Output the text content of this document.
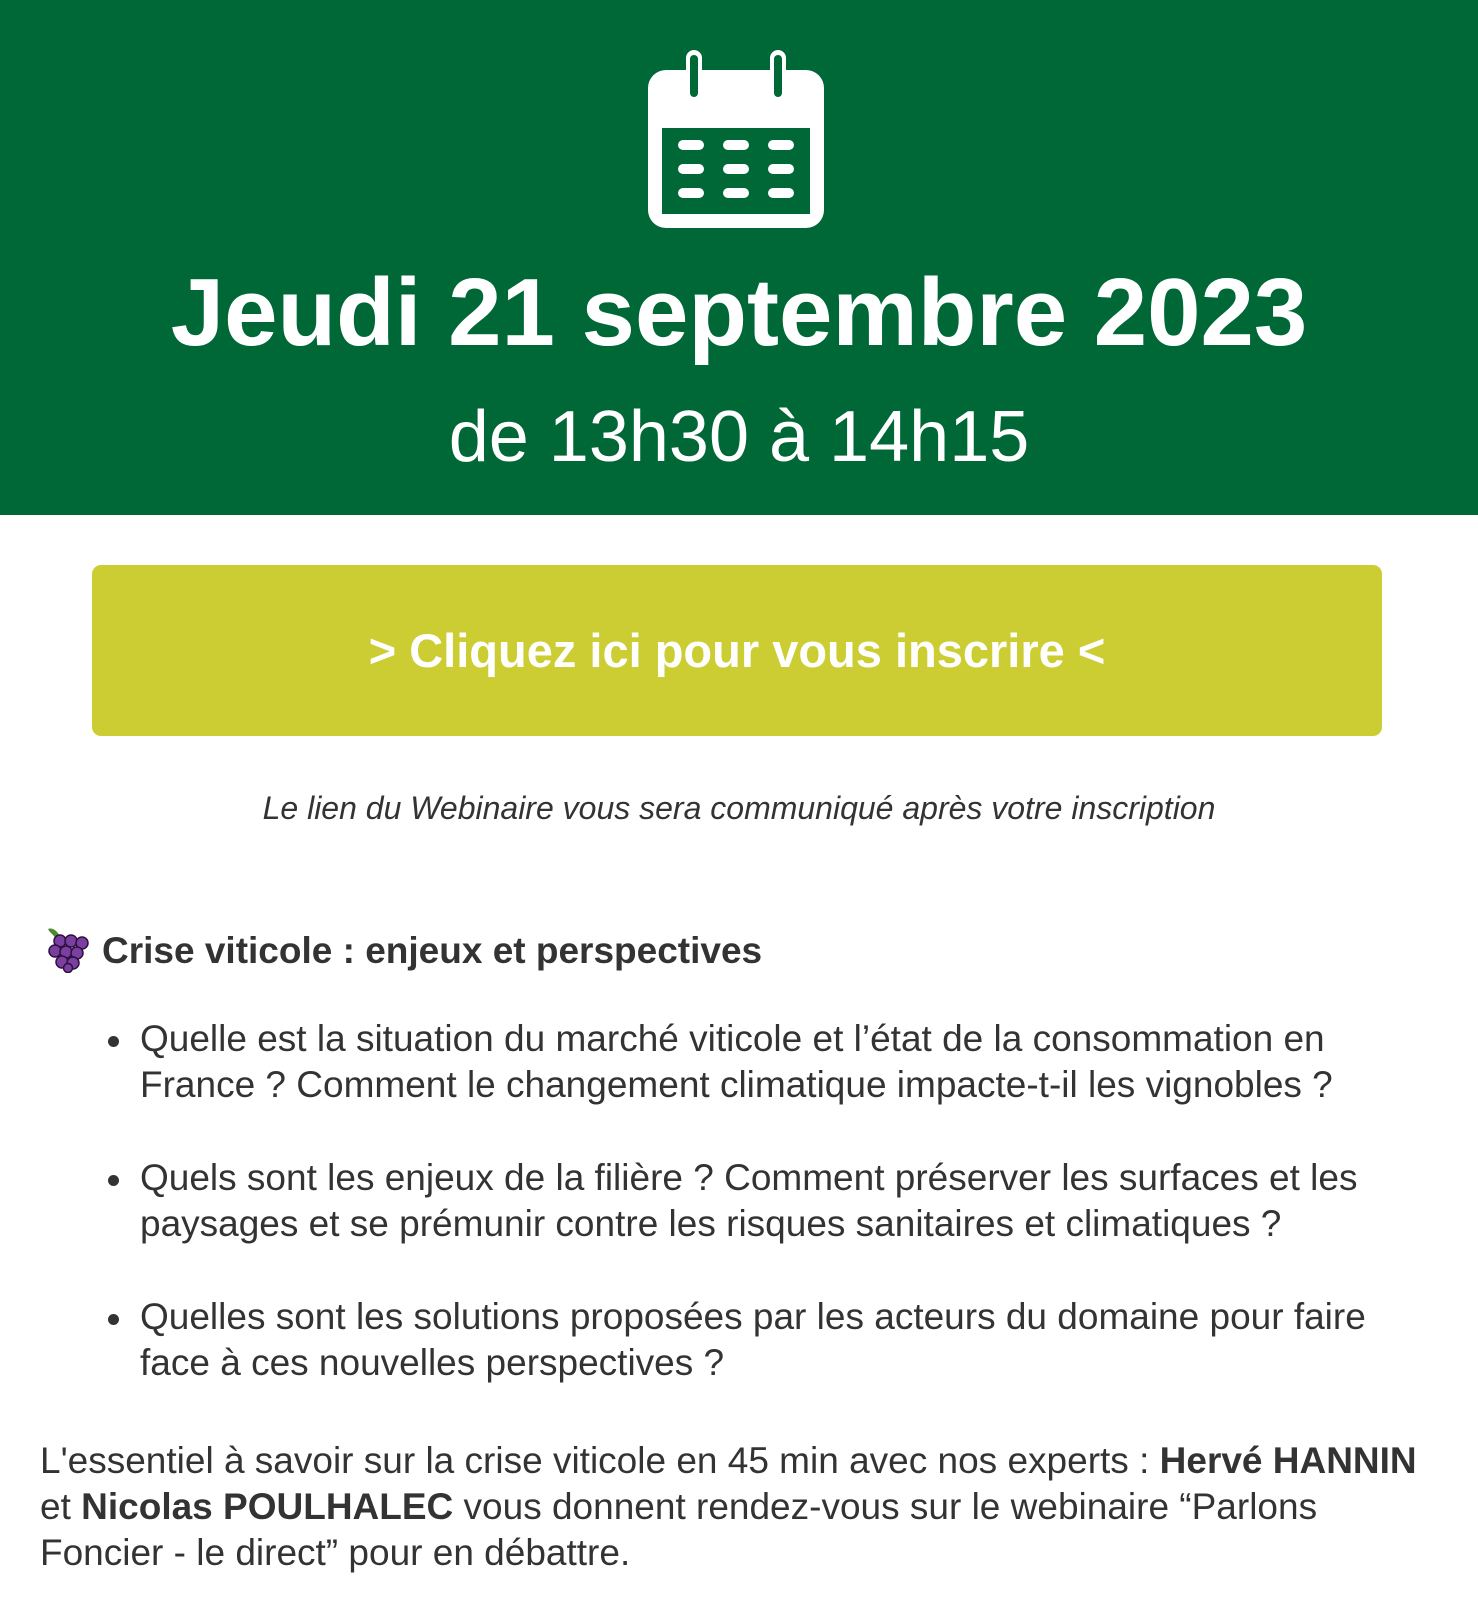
Jeudi 21 septembre 2023
de 13h30 à 14h15
> Cliquez ici pour vous inscrire <
Le lien du Webinaire vous sera communiqué après votre inscription
Crise viticole : enjeux et perspectives
Quelle est la situation du marché viticole et l’état de la consommation en France ? Comment le changement climatique impacte-t-il les vignobles ?
Quels sont les enjeux de la filière ? Comment préserver les surfaces et les paysages et se prémunir contre les risques sanitaires et climatiques ?
Quelles sont les solutions proposées par les acteurs du domaine pour faire face à ces nouvelles perspectives ?
L'essentiel à savoir sur la crise viticole en 45 min avec nos experts : Hervé HANNIN et Nicolas POULHALEC vous donnent rendez-vous sur le webinaire “Parlons Foncier - le direct” pour en débattre.
